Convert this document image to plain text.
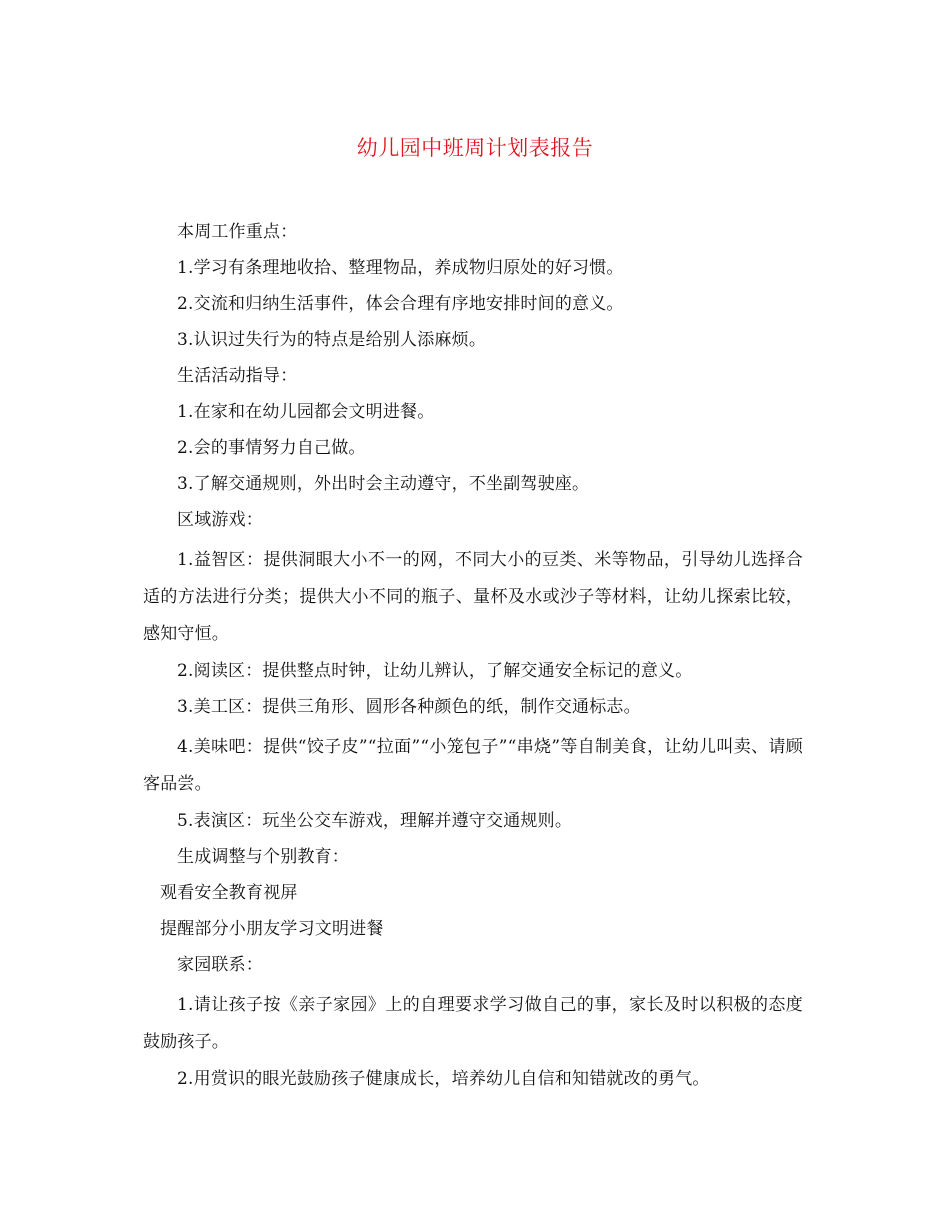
幼儿园中班周计划表报告

本周工作重点：

1.学习有条理地收拾、整理物品，养成物归原处的好习惯。

2.交流和归纳生活事件，体会合理有序地安排时间的意义。

3.认识过失行为的特点是给别人添麻烦。

生活活动指导：

1.在家和在幼儿园都会文明进餐。

2.会的事情努力自己做。

3.了解交通规则，外出时会主动遵守，不坐副驾驶座。

区域游戏：

1.益智区：提供洞眼大小不一的网，不同大小的豆类、米等物品，引导幼儿选择合适的方法进行分类；提供大小不同的瓶子、量杯及水或沙子等材料，让幼儿探索比较，感知守恒。

2.阅读区：提供整点时钟，让幼儿辨认，了解交通安全标记的意义。

3.美工区：提供三角形、圆形各种颜色的纸，制作交通标志。

4.美味吧：提供“饺子皮”“拉面”“小笼包子”“串烧”等自制美食，让幼儿叫卖、请顾客品尝。

5.表演区：玩坐公交车游戏，理解并遵守交通规则。

生成调整与个别教育：

观看安全教育视屏

提醒部分小朋友学习文明进餐

家园联系：

1.请让孩子按《亲子家园》上的自理要求学习做自己的事，家长及时以积极的态度鼓励孩子。

2.用赏识的眼光鼓励孩子健康成长，培养幼儿自信和知错就改的勇气。
